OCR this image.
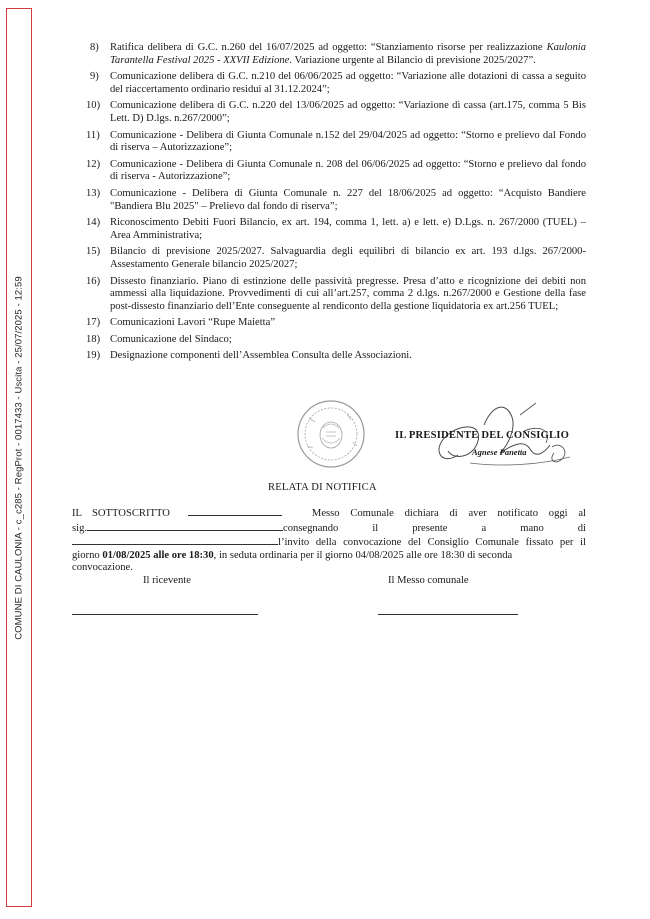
COMUNE DI CAULONIA - c_c285 - RegProt - 0017433 - Uscita - 25/07/2025 - 12:59
8)	Ratifica delibera di G.C. n.260 del 16/07/2025 ad oggetto: “Stanziamento risorse per realizzazione Kaulonia Tarantella Festival 2025 - XXVII Edizione. Variazione urgente al Bilancio di previsione 2025/2027”.
9)	Comunicazione delibera di G.C. n.210 del 06/06/2025 ad oggetto: “Variazione alle dotazioni di cassa a seguito del riaccertamento ordinario residui al 31.12.2024”;
10) Comunicazione delibera di G.C. n.220 del 13/06/2025 ad oggetto: “Variazione di cassa (art.175, comma 5 Bis Lett. D) D.lgs. n.267/2000”;
11) Comunicazione - Delibera di Giunta Comunale n.152 del 29/04/2025 ad oggetto: “Storno e prelievo dal Fondo di riserva – Autorizzazione”;
12) Comunicazione - Delibera di Giunta Comunale n. 208 del 06/06/2025 ad oggetto: “Storno e prelievo dal fondo di riserva - Autorizzazione”;
13) Comunicazione - Delibera di Giunta Comunale n. 227 del 18/06/2025 ad oggetto: “Acquisto Bandiere "Bandiera Blu 2025" – Prelievo dal fondo di riserva”;
14) Riconoscimento Debiti Fuori Bilancio, ex art. 194, comma 1, lett. a) e lett. e) D.Lgs. n. 267/2000 (TUEL) – Area Amministrativa;
15) Bilancio di previsione 2025/2027. Salvaguardia degli equilibri di bilancio ex art. 193 d.lgs. 267/2000- Assestamento Generale bilancio 2025/2027;
16) Dissesto finanziario. Piano di estinzione delle passività pregresse. Presa d’atto e ricognizione dei debiti non ammessi alla liquidazione. Provvedimenti di cui all’art.257, comma 2 d.lgs. n.267/2000 e Gestione della fase post-dissesto finanziario dell’Ente conseguente al rendiconto della gestione liquidatoria ex art.256 TUEL;
17) Comunicazioni Lavori “Rupe Maietta”
18) Comunicazione del Sindaco;
19) Designazione componenti dell’Assemblea Consulta delle Associazioni.
IL PRESIDENTE DEL CONSIGLIO
Agnese Panetta
RELATA DI NOTIFICA
IL SOTTOSCRITTO	Messo Comunale dichiara di aver notificato oggi al
sig.	consegnando il presente a mano di
l’invito della convocazione del Consiglio Comunale fissato per il
giorno 01/08/2025 alle ore 18:30 , in seduta ordinaria per il giorno 04/08/2025 alle ore 18:30 di seconda
convocazione.
Il ricevente	Il Messo comunale
